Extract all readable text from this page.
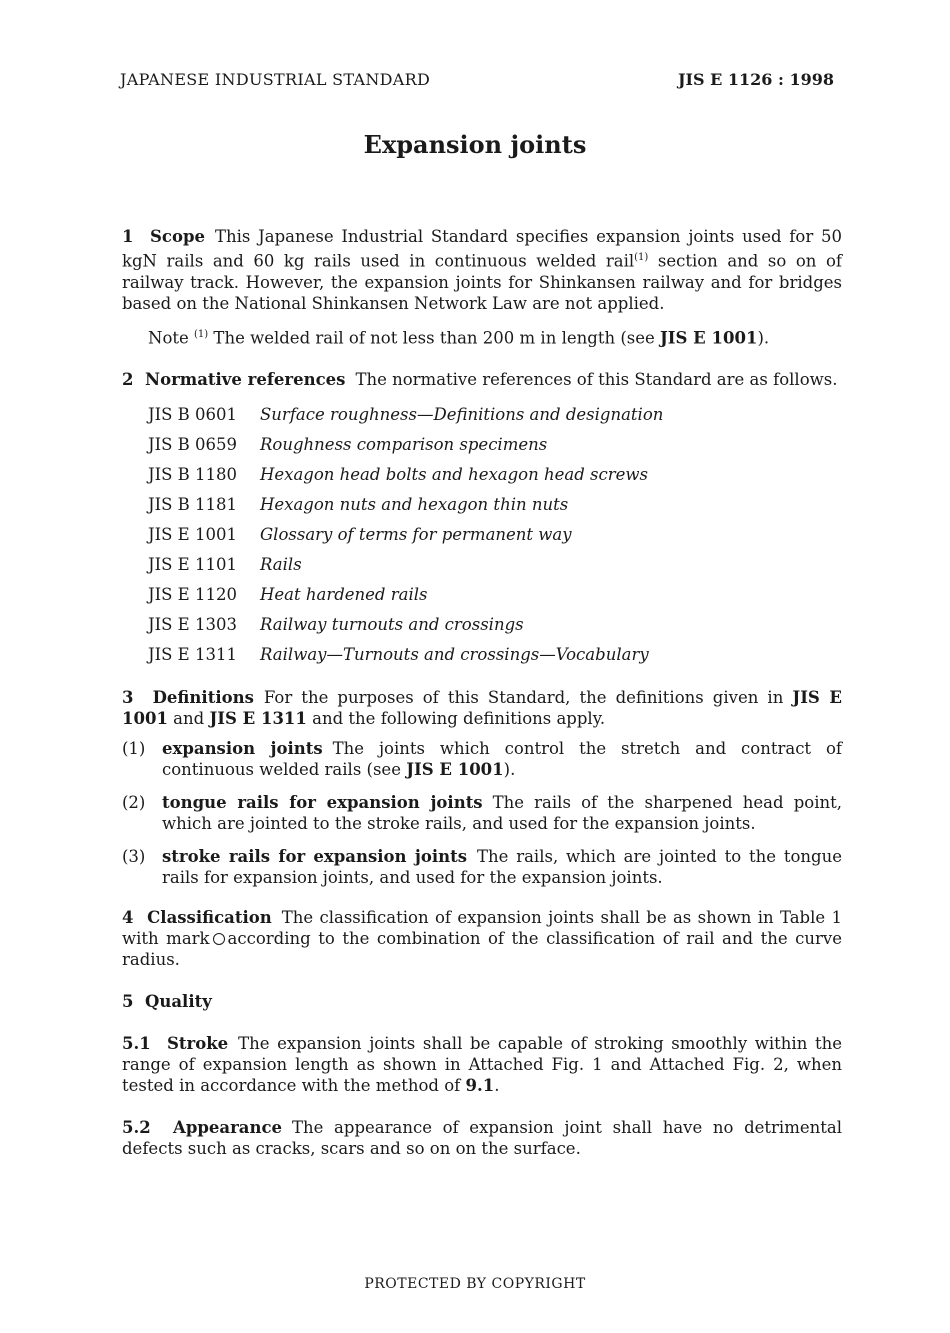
JAPANESE INDUSTRIAL STANDARD	JIS E 1126 : 1998
Expansion joints

1 Scope This Japanese Industrial Standard specifies expansion joints used for 50 kgN rails and 60 kg rails used in continuous welded rail$^{(1)}$ section and so on of railway track. However, the expansion joints for Shinkansen railway and for bridges based on the National Shinkansen Network Law are not applied.

Note $^{(1)}$ The welded rail of not less than 200 m in length (see JIS E 1001).

2 Normative references The normative references of this Standard are as follows.

JIS B 0601	Surface roughness—Definitions and designation
JIS B 0659	Roughness comparison specimens
JIS B 1180	Hexagon head bolts and hexagon head screws
JIS B 1181	Hexagon nuts and hexagon thin nuts
JIS E 1001	Glossary of terms for permanent way
JIS E 1101	Rails
JIS E 1120	Heat hardened rails
JIS E 1303	Railway turnouts and crossings
JIS E 1311	Railway—Turnouts and crossings—Vocabulary

3 Definitions For the purposes of this Standard, the definitions given in JIS E 1001 and JIS E 1311 and the following definitions apply.

(1)	expansion joints The joints which control the stretch and contract of continuous welded rails (see JIS E 1001).
(2)	tongue rails for expansion joints The rails of the sharpened head point, which are jointed to the stroke rails, and used for the expansion joints.
(3)	stroke rails for expansion joints The rails, which are jointed to the tongue rails for expansion joints, and used for the expansion joints.

4 Classification The classification of expansion joints shall be as shown in Table 1 with mark ○ according to the combination of the classification of rail and the curve radius.

5 Quality

5.1 Stroke The expansion joints shall be capable of stroking smoothly within the range of expansion length as shown in Attached Fig. 1 and Attached Fig. 2, when tested in accordance with the method of 9.1.

5.2 Appearance The appearance of expansion joint shall have no detrimental defects such as cracks, scars and so on on the surface.

PROTECTED BY COPYRIGHT
